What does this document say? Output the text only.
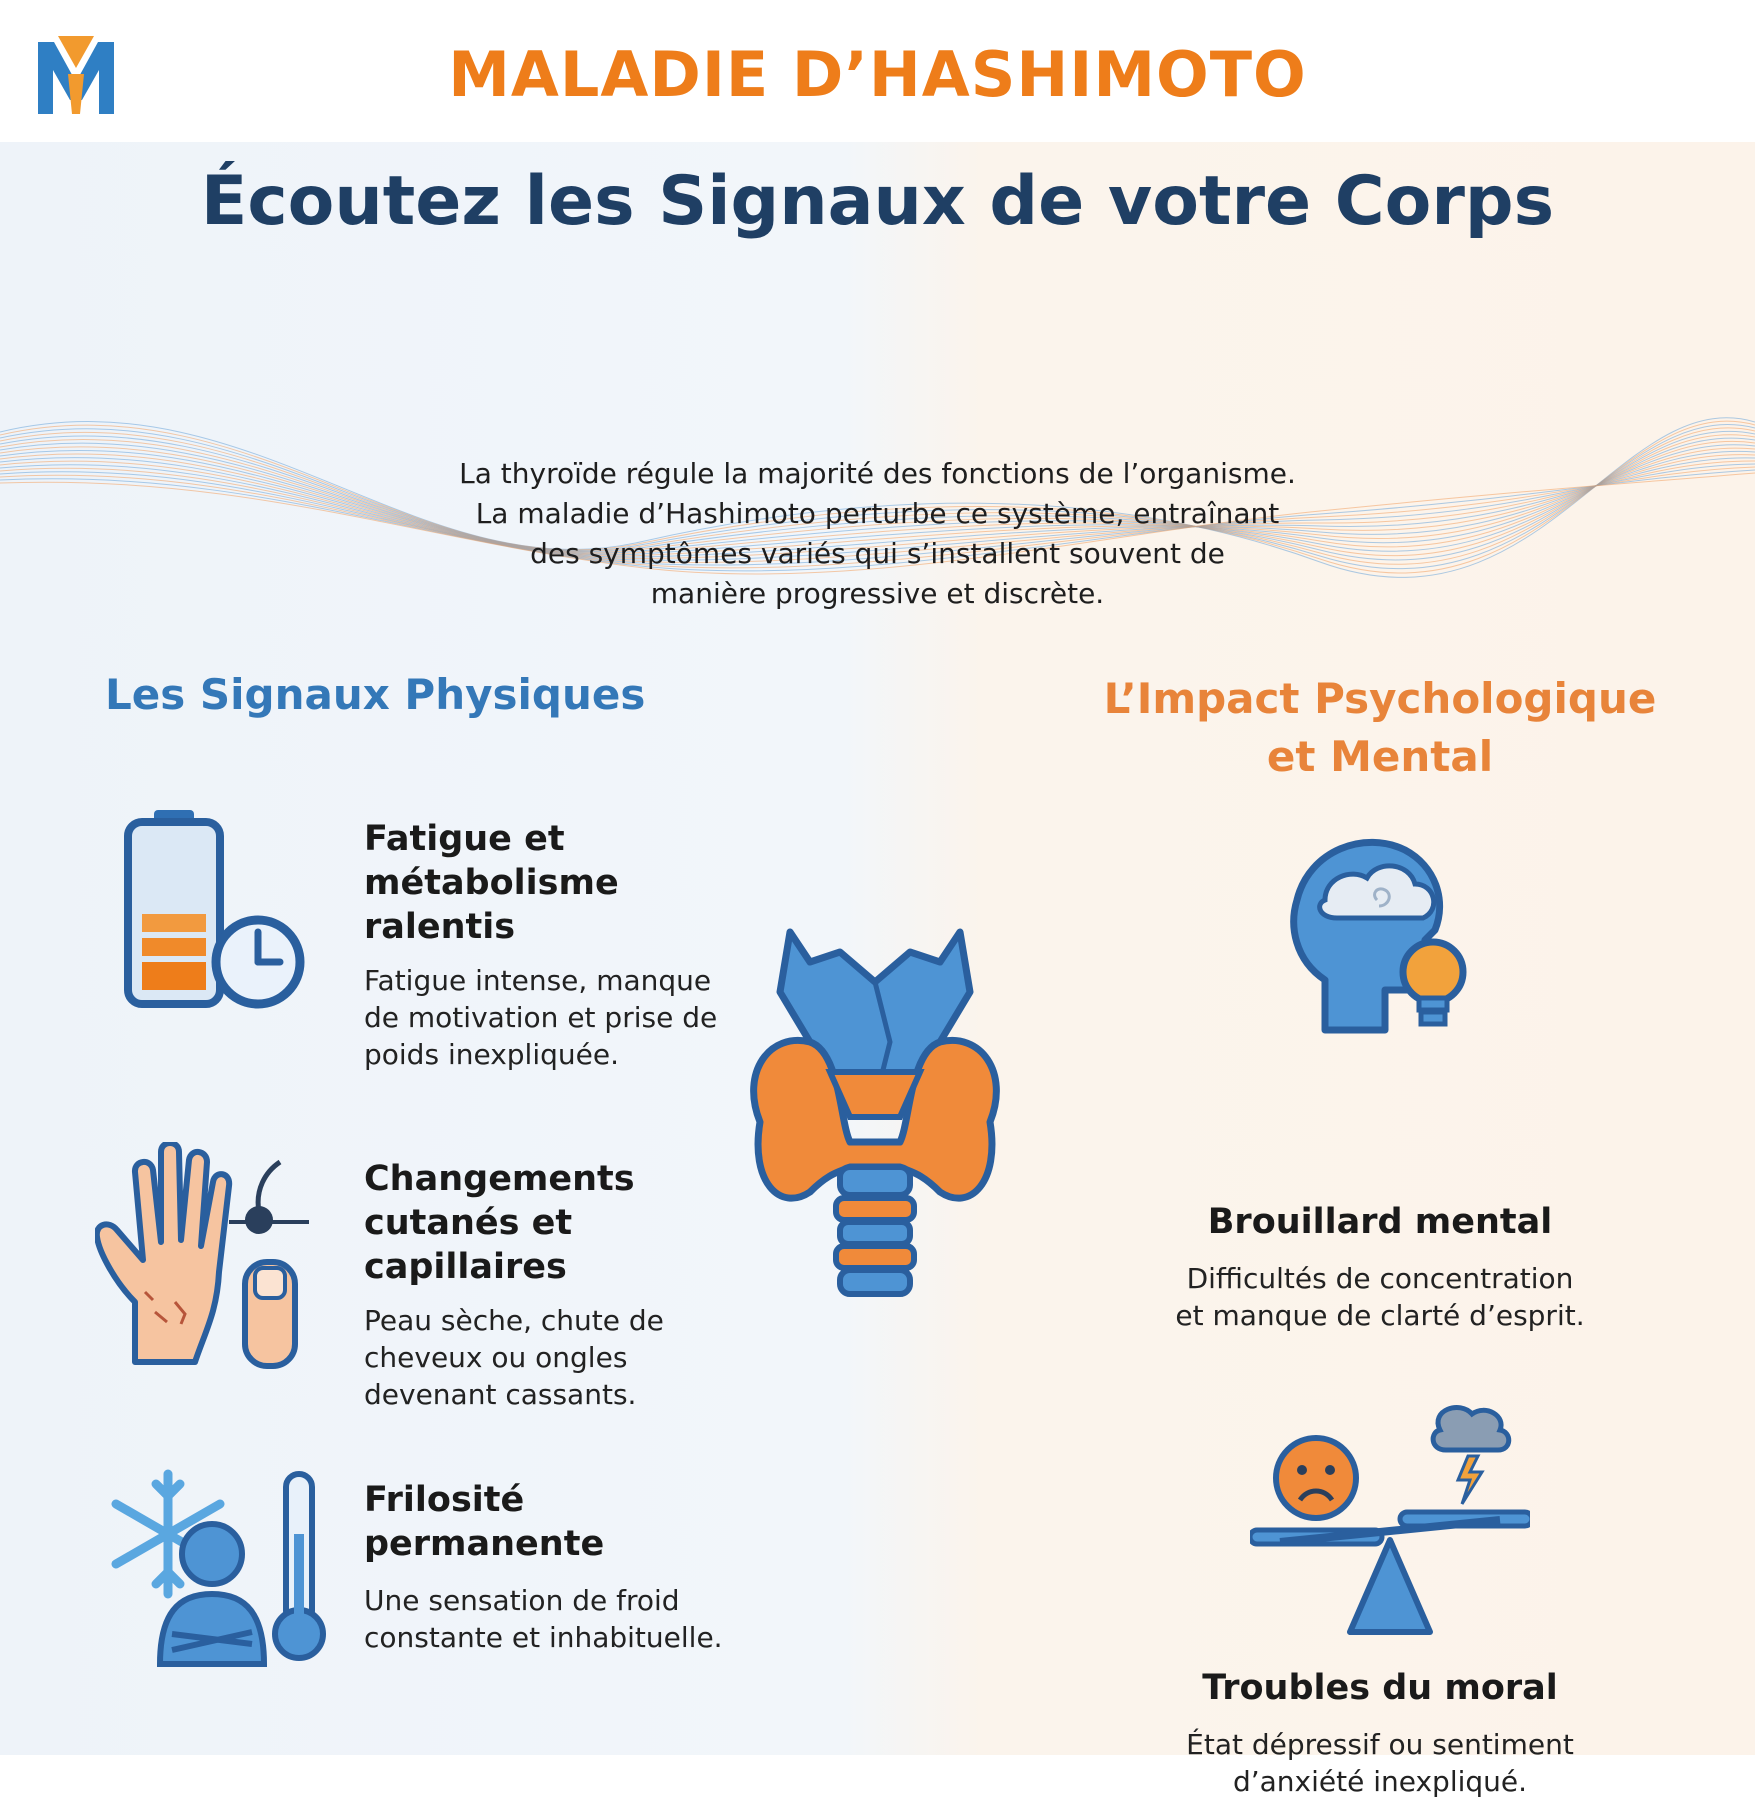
MALADIE D’HASHIMOTO
Écoutez les Signaux de votre Corps
La thyroïde régule la majorité des fonctions de l’organisme.
La maladie d’Hashimoto perturbe ce système, entraînant
des symptômes variés qui s’installent souvent de
manière progressive et discrète.
Les Signaux Physiques
Fatigue et métabolisme ralentis

Fatigue intense, manque de motivation et prise de poids inexpliquée.

Changements cutanés et capillaires

Peau sèche, chute de cheveux ou ongles devenant cassants.

Frilosité permanente

Une sensation de froid constante et inhabituelle.

L’Impact Psychologique
et Mental
Brouillard mental

Difficultés de concentration
et manque de clarté d’esprit.

Troubles du moral

État dépressif ou sentiment
d’anxiété inexpliqué.
